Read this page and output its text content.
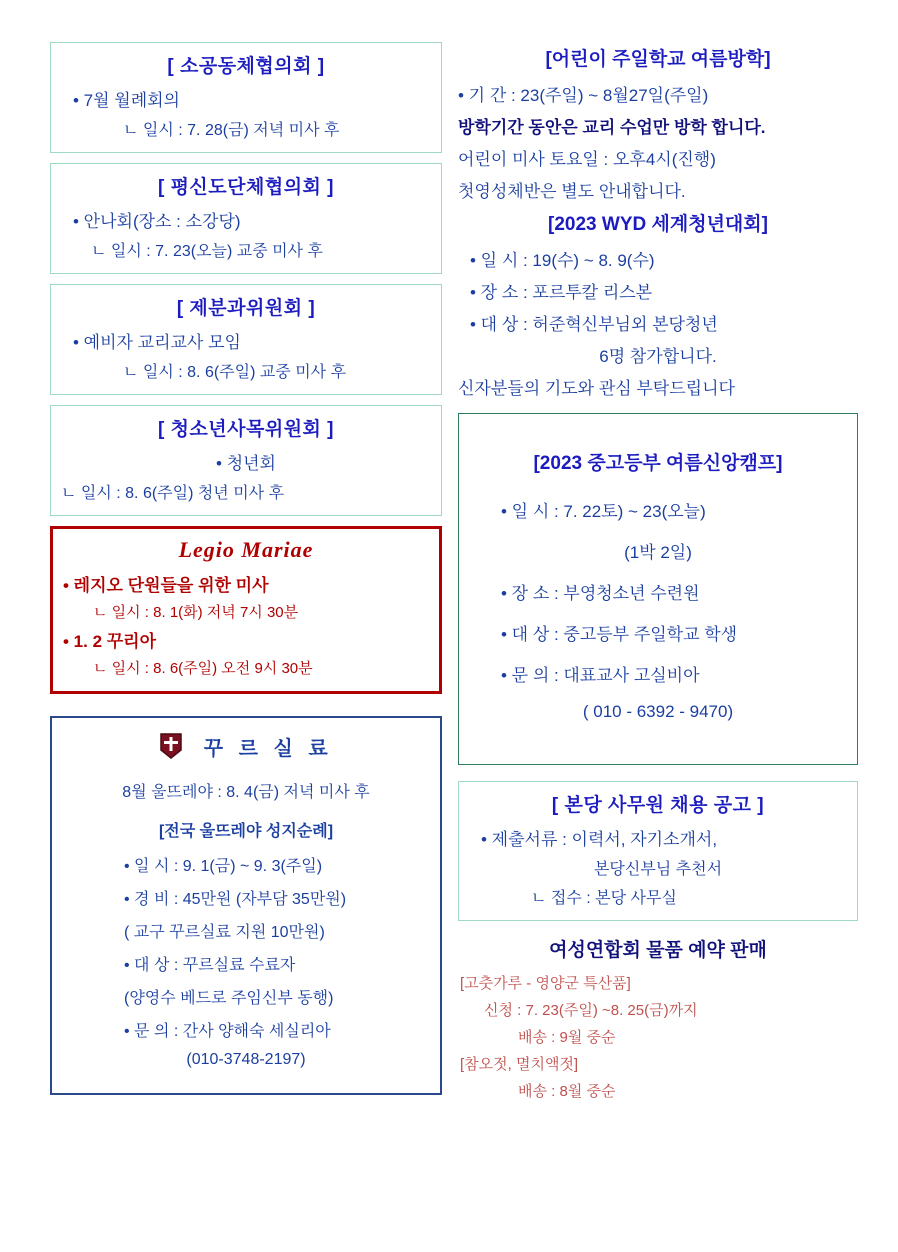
[ 소공동체협의회 ]
• 7월 월례회의
ㄴ 일시 : 7. 28(금) 저녁 미사 후
[ 평신도단체협의회 ]
• 안나회(장소 : 소강당)
ㄴ 일시 : 7. 23(오늘) 교중 미사 후
[ 제분과위원회 ]
• 예비자 교리교사 모임
ㄴ 일시 : 8. 6(주일) 교중 미사 후
[ 청소년사목위원회 ]
• 청년회
ㄴ 일시 : 8. 6(주일) 청년 미사 후
Legio Mariae
• 레지오 단원들을 위한 미사
ㄴ 일시 : 8. 1(화) 저녁 7시 30분
• 1. 2 꾸리아
ㄴ 일시 : 8. 6(주일) 오전 9시 30분
꾸 르 실 료
8월 울뜨레야 : 8. 4(금) 저녁 미사 후
[전국 울뜨레야 성지순례]
• 일 시 : 9. 1(금) ~ 9. 3(주일)
• 경 비 : 45만원 (자부담 35만원)
( 교구 꾸르실료 지원 10만원)
• 대 상 : 꾸르실료 수료자
(양영수 베드로 주임신부 동행)
• 문 의 : 간사 양해숙 세실리아
(010-3748-2197)
[어린이 주일학교 여름방학]
• 기 간 : 23(주일) ~ 8월27일(주일)
방학기간 동안은 교리 수업만 방학 합니다.
어린이 미사 토요일 : 오후4시(진행)
첫영성체반은 별도 안내합니다.
[2023 WYD 세계청년대회]
• 일 시 : 19(수) ~ 8. 9(수)
• 장 소 : 포르투칼 리스본
• 대 상 : 허준혁신부님외 본당청년
6명 참가합니다.
신자분들의 기도와 관심 부탁드립니다
[2023 중고등부 여름신앙캠프]
• 일 시 : 7. 22토) ~ 23(오늘)
(1박 2일)
• 장 소 : 부영청소년 수련원
• 대 상 : 중고등부 주일학교 학생
• 문 의 : 대표교사 고실비아
( 010 - 6392 - 9470)
[ 본당 사무원 채용 공고 ]
• 제출서류 : 이력서, 자기소개서,
본당신부님 추천서
ㄴ 접수 : 본당 사무실
여성연합회 물품 예약 판매
[고춧가루 - 영양군 특산품]
신청 : 7. 23(주일) ~8. 25(금)까지
배송 : 9월 중순
[참오젓, 멸치액젓]
배송 : 8월 중순
